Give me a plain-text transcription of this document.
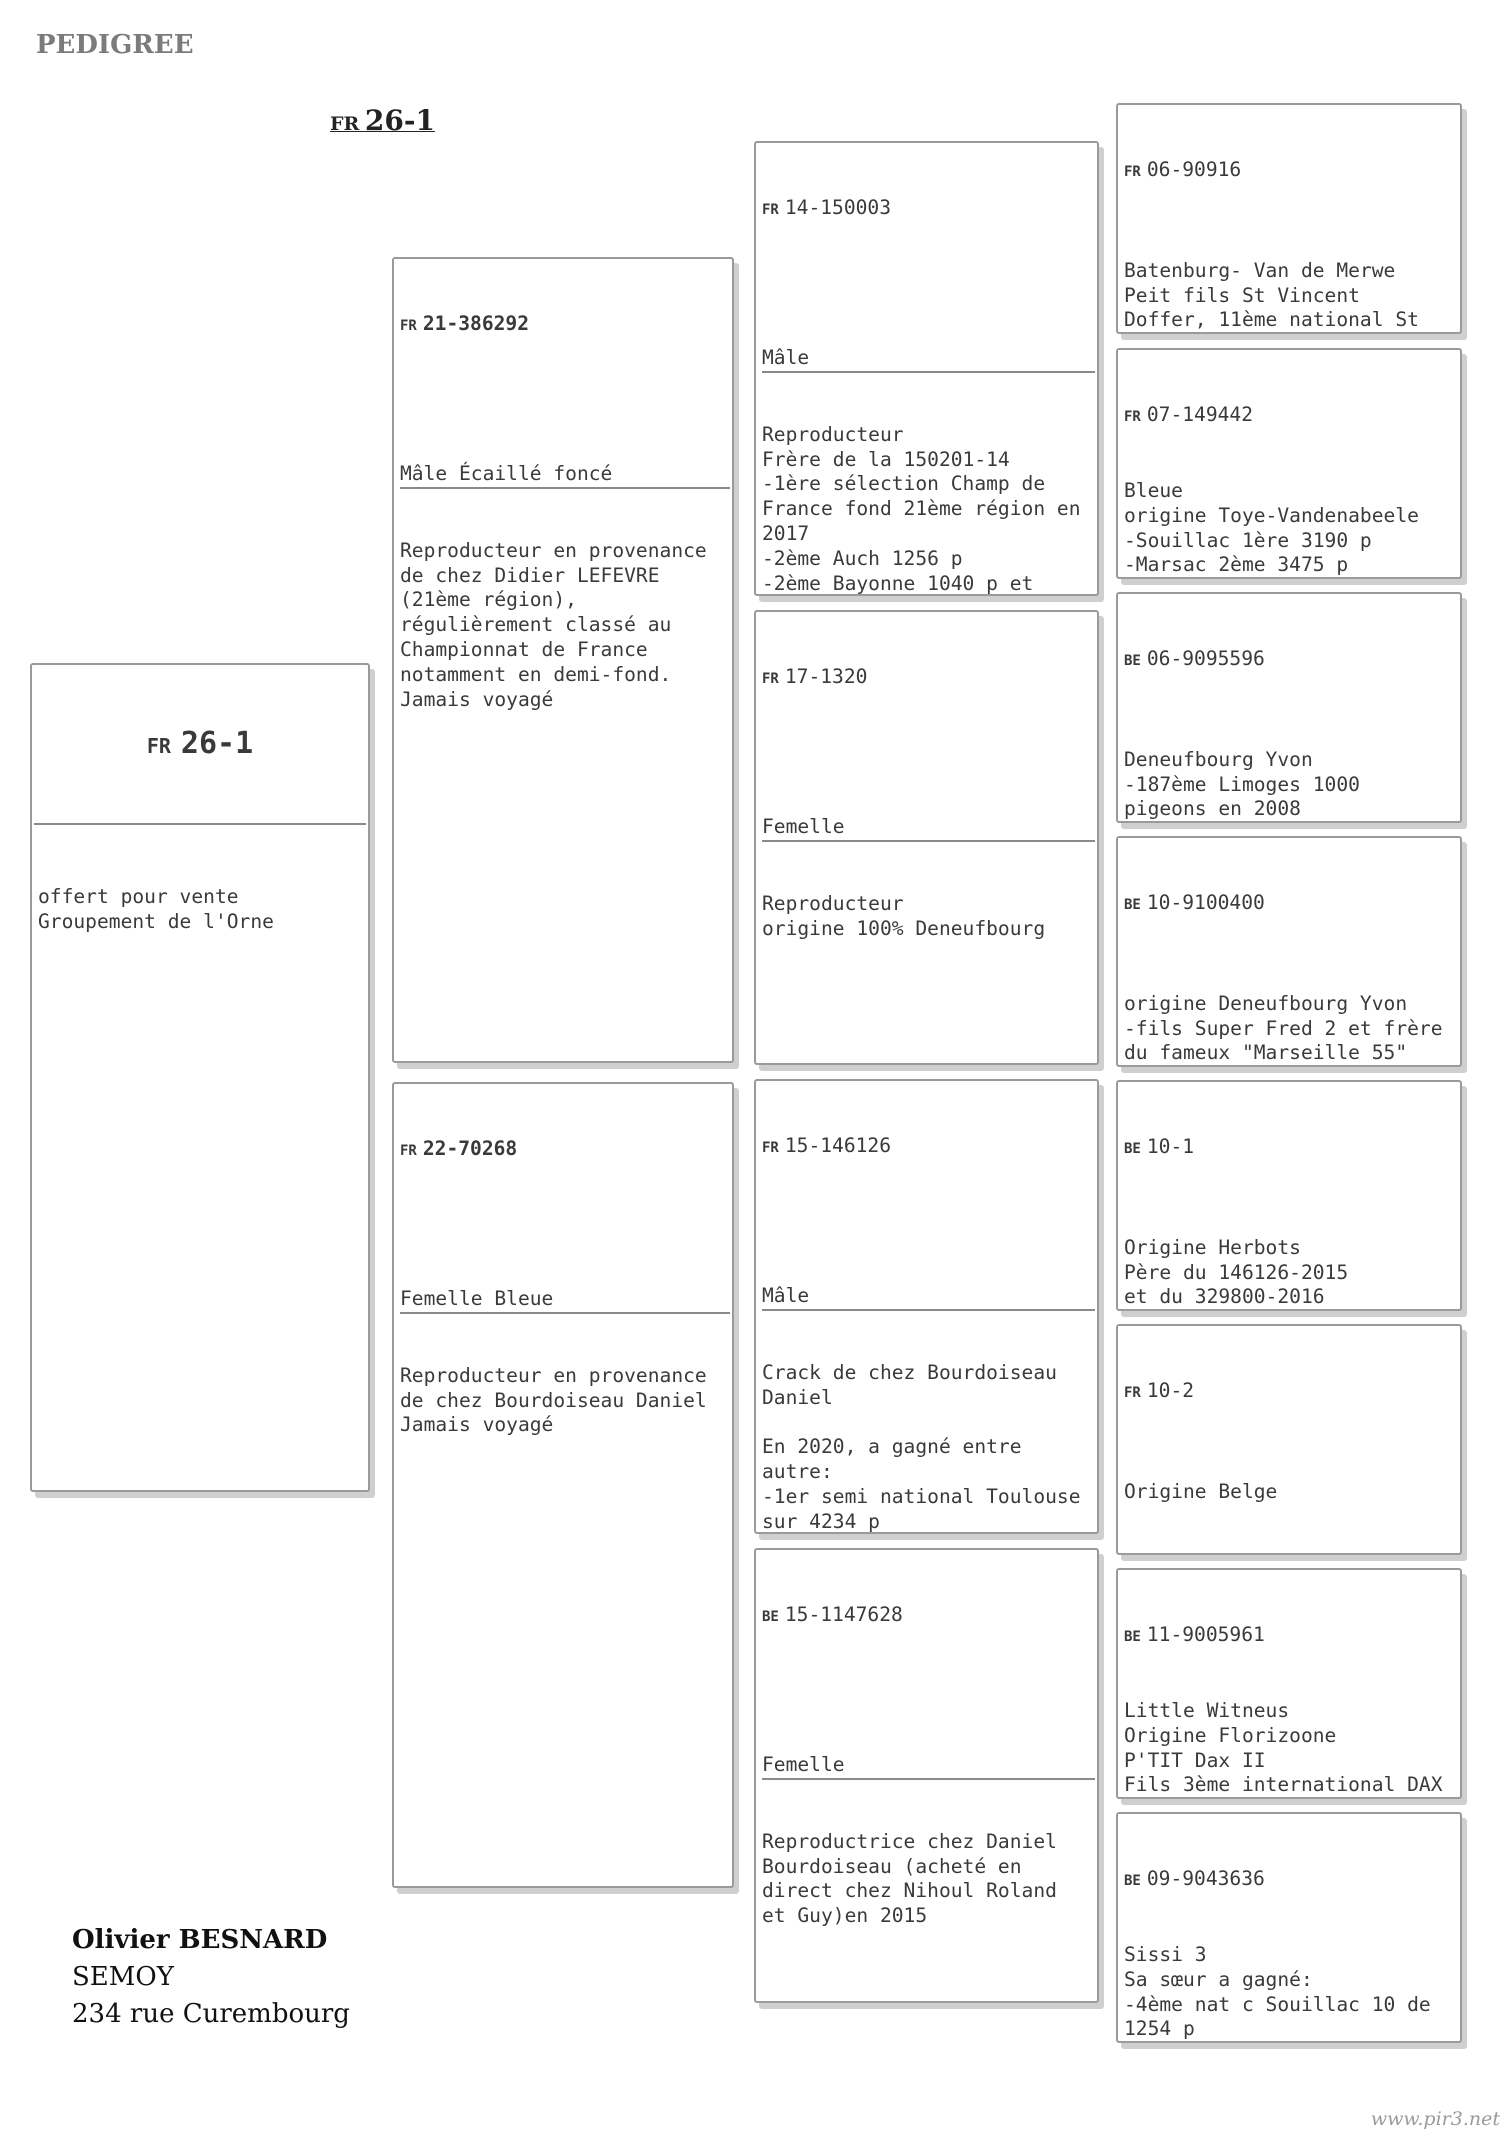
PEDIGREE
FR 26-1

FR 26-1

offert pour vente
Groupement de l'Orne

FR 21-386292

Mâle Écaillé foncé

Reproducteur en provenance de chez Didier LEFEVRE (21ème région), régulièrement classé au Championnat de France notamment en demi-fond.
Jamais voyagé

FR 22-70268

Femelle Bleue

Reproducteur en provenance de chez Bourdoiseau Daniel
Jamais voyagé

FR 14-150003

Mâle

Reproducteur
Frère de la 150201-14
-1ère sélection Champ de France fond 21ème région en 2017
-2ème Auch 1256 p
-2ème Bayonne 1040 p et

FR 17-1320

Femelle

Reproducteur
origine 100% Deneufbourg

FR 15-146126

Mâle

Crack de chez Bourdoiseau Daniel

En 2020, a gagné entre autre:
-1er semi national Toulouse sur 4234 p

BE 15-1147628

Femelle

Reproductrice chez Daniel Bourdoiseau (acheté en direct chez Nihoul Roland et Guy)en 2015

FR 06-90916

Batenburg- Van de Merwe
Peit fils St Vincent
Doffer, 11ème national St

FR 07-149442

Bleue
origine Toye-Vandenabeele
-Souillac 1ère 3190 p
-Marsac 2ème 3475 p

BE 06-9095596

Deneufbourg Yvon
-187ème Limoges 1000 pigeons en 2008

BE 10-9100400

origine Deneufbourg Yvon
-fils Super Fred 2 et frère du fameux "Marseille 55"

BE 10-1

Origine Herbots
Père du 146126-2015
et du 329800-2016

FR 10-2

Origine Belge

BE 11-9005961

Little Witneus
Origine Florizoone
P'TIT Dax II
Fils 3ème international DAX

BE 09-9043636

Sissi 3
Sa sœur a gagné:
-4ème nat c Souillac 10 de 1254 p

Olivier BESNARD
SEMOY
234 rue Curembourg
www.pir3.net
